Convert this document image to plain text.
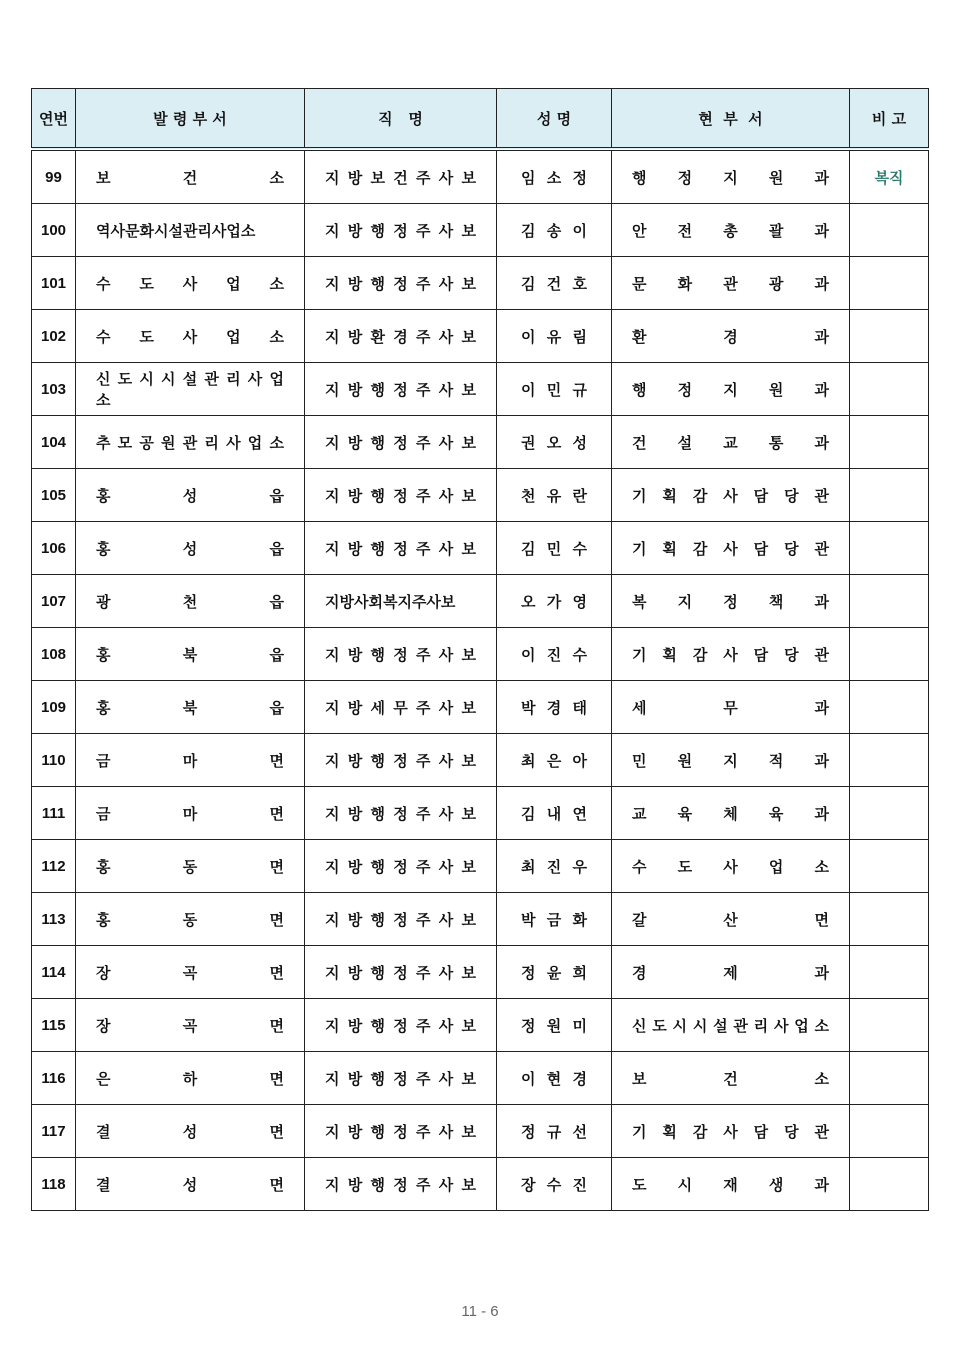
연번	발 령 부 서	직   명	성 명	현  부  서	비 고
99	보 건 소	지 방 보 건 주 사 보	임 소 정	행 정 지 원 과	복직
100	역사문화시설관리사업소	지 방 행 정 주 사 보	김 송 이	안 전 총 괄 과	
101	수 도 사 업 소	지 방 행 정 주 사 보	김 건 호	문 화 관 광 과	
102	수 도 사 업 소	지 방 환 경 주 사 보	이 유 림	환 경 과	
103	신 도 시 시 설 관 리 사 업 소	지 방 행 정 주 사 보	이 민 규	행 정 지 원 과	
104	추 모 공 원 관 리 사 업 소	지 방 행 정 주 사 보	권 오 성	건 설 교 통 과	
105	홍 성 읍	지 방 행 정 주 사 보	천 유 란	기 획 감 사 담 당 관	
106	홍 성 읍	지 방 행 정 주 사 보	김 민 수	기 획 감 사 담 당 관	
107	광 천 읍	지방사회복지주사보	오 가 영	복 지 정 책 과	
108	홍 북 읍	지 방 행 정 주 사 보	이 진 수	기 획 감 사 담 당 관	
109	홍 북 읍	지 방 세 무 주 사 보	박 경 태	세 무 과	
110	금 마 면	지 방 행 정 주 사 보	최 은 아	민 원 지 적 과	
111	금 마 면	지 방 행 정 주 사 보	김 내 연	교 육 체 육 과	
112	홍 동 면	지 방 행 정 주 사 보	최 진 우	수 도 사 업 소	
113	홍 동 면	지 방 행 정 주 사 보	박 금 화	갈 산 면	
114	장 곡 면	지 방 행 정 주 사 보	정 윤 희	경 제 과	
115	장 곡 면	지 방 행 정 주 사 보	정 원 미	신 도 시 시 설 관 리 사 업 소	
116	은 하 면	지 방 행 정 주 사 보	이 현 경	보 건 소	
117	결 성 면	지 방 행 정 주 사 보	정 규 선	기 획 감 사 담 당 관	
118	결 성 면	지 방 행 정 주 사 보	장 수 진	도 시 재 생 과	
11 - 6
